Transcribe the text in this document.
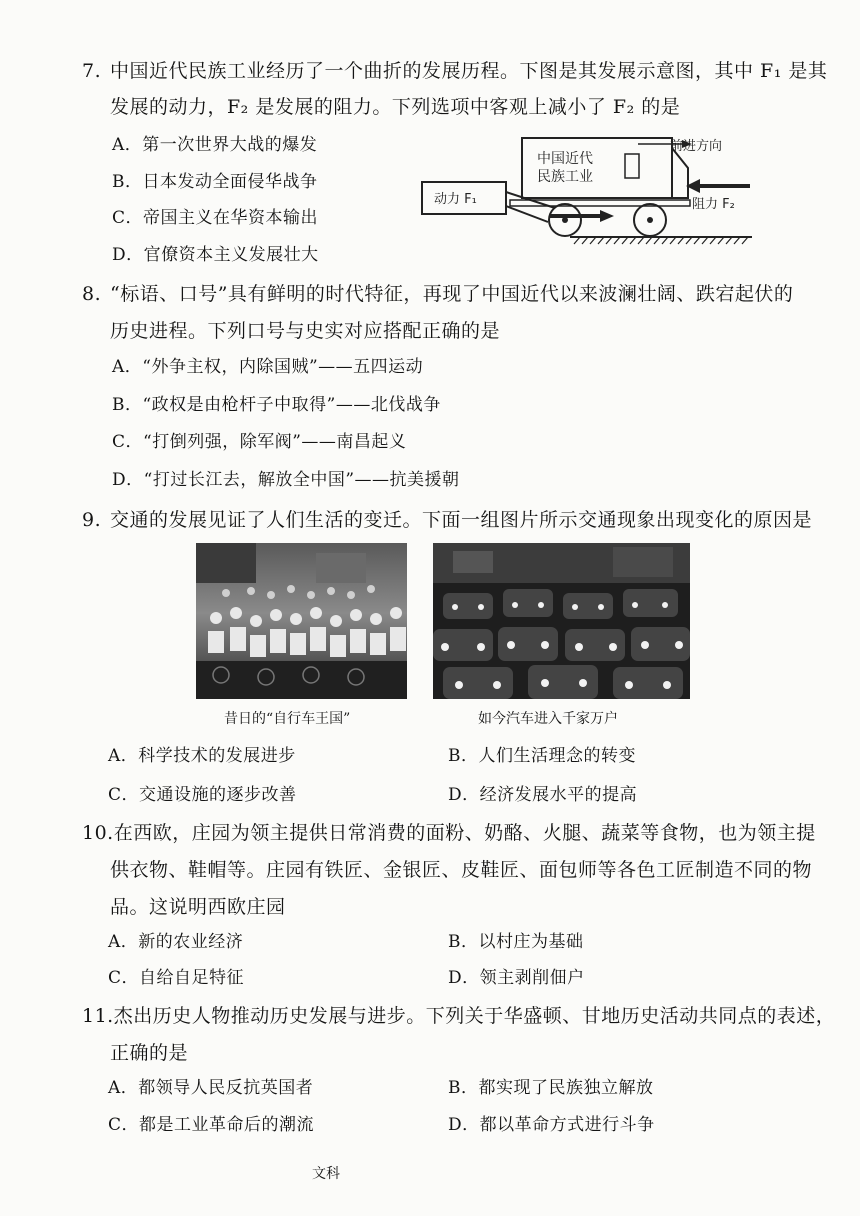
7. 中国近代民族工业经历了一个曲折的发展历程。下图是其发展示意图，其中 F₁ 是其
发展的动力，F₂ 是发展的阻力。下列选项中客观上减小了 F₂ 的是
A．第一次世界大战的爆发
B．日本发动全面侵华战争
C．帝国主义在华资本输出
D．官僚资本主义发展壮大
中国近代
民族工业
前进方向
动力 F₁	阻力 F₂
8. “标语、口号”具有鲜明的时代特征，再现了中国近代以来波澜壮阔、跌宕起伏的
历史进程。下列口号与史实对应搭配正确的是
A．“外争主权，内除国贼”——五四运动
B．“政权是由枪杆子中取得”——北伐战争
C．“打倒列强，除军阀”——南昌起义
D．“打过长江去，解放全中国”——抗美援朝
9. 交通的发展见证了人们生活的变迁。下面一组图片所示交通现象出现变化的原因是
昔日的“自行车王国”	如今汽车进入千家万户
A．科学技术的发展进步	B．人们生活理念的转变
C．交通设施的逐步改善	D．经济发展水平的提高
10.在西欧，庄园为领主提供日常消费的面粉、奶酪、火腿、蔬菜等食物，也为领主提
供衣物、鞋帽等。庄园有铁匠、金银匠、皮鞋匠、面包师等各色工匠制造不同的物
品。这说明西欧庄园
A．新的农业经济	B．以村庄为基础
C．自给自足特征	D．领主剥削佃户
11.杰出历史人物推动历史发展与进步。下列关于华盛顿、甘地历史活动共同点的表述，
正确的是
A．都领导人民反抗英国者	B．都实现了民族独立解放
C．都是工业革命后的潮流	D．都以革命方式进行斗争
文科
